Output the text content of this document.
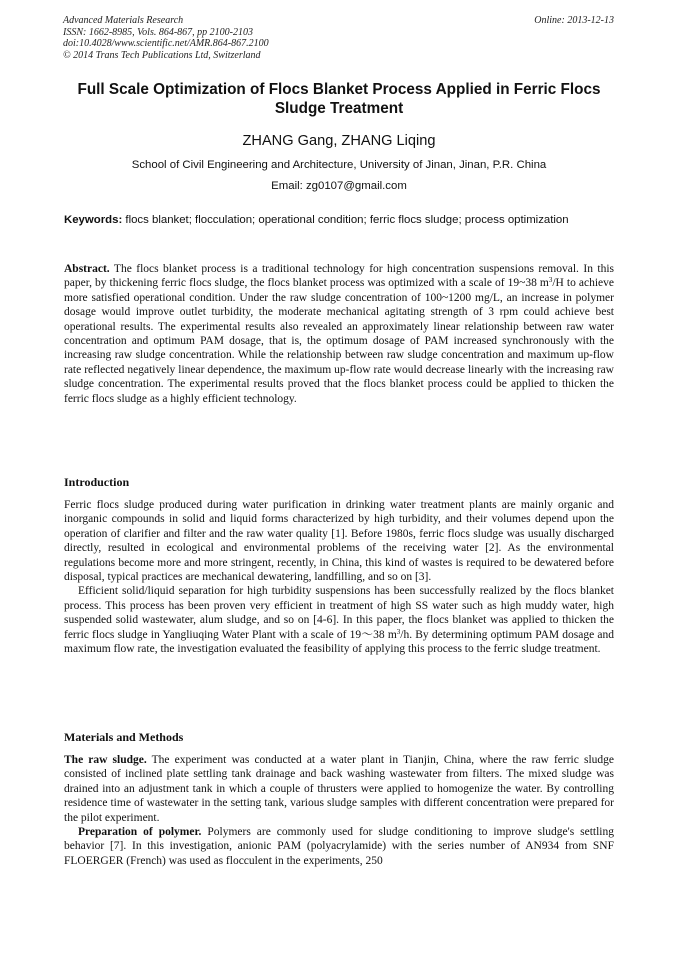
Advanced Materials Research
ISSN: 1662-8985, Vols. 864-867, pp 2100-2103
doi:10.4028/www.scientific.net/AMR.864-867.2100
© 2014 Trans Tech Publications Ltd, Switzerland
Online: 2013-12-13
Full Scale Optimization of Flocs Blanket Process Applied in Ferric Flocs
Sludge Treatment
ZHANG Gang, ZHANG Liqing
School of Civil Engineering and Architecture, University of Jinan, Jinan, P.R. China
Email: zg0107@gmail.com
Keywords: flocs blanket; flocculation; operational condition; ferric flocs sludge; process optimization

Abstract. The flocs blanket process is a traditional technology for high concentration suspensions removal. In this paper, by thickening ferric flocs sludge, the flocs blanket process was optimized with a scale of 19~38 $m^3/H$ to achieve more satisfied operational condition. Under the raw sludge concentration of 100~1200 mg/L, an increase in polymer dosage would improve outlet turbidity, the moderate mechanical agitating strength of 3 rpm could achieve best operational results. The experimental results also revealed an approximately linear relationship between raw water concentration and optimum PAM dosage, that is, the optimum dosage of PAM increased synchronously with the increasing raw sludge concentration. While the relationship between raw sludge concentration and maximum up-flow rate reflected negatively linear dependence, the maximum up-flow rate would decrease linearly with the increasing raw sludge concentration. The experimental results proved that the flocs blanket process could be applied to thicken the ferric flocs sludge as a highly efficient technology.

Introduction

Ferric flocs sludge produced during water purification in drinking water treatment plants are mainly organic and inorganic compounds in solid and liquid forms characterized by high turbidity, and their volumes depend upon the operation of clarifier and filter and the raw water quality [1]. Before 1980s, ferric flocs sludge was usually discharged directly, resulted in ecological and environmental problems of the receiving water [2]. As the environmental regulations become more and more stringent, recently, in China, this kind of wastes is required to be dewatered before disposal, typical practices are mechanical dewatering, landfilling, and so on [3].

Efficient solid/liquid separation for high turbidity suspensions has been successfully realized by the flocs blanket process. This process has been proven very efficient in treatment of high SS water such as high muddy water, high suspended solid wastewater, alum sludge, and so on [4-6]. In this paper, the flocs blanket was applied to thicken the ferric flocs sludge in Yangliuqing Water Plant with a scale of 19～38 $m^3/h$. By determining optimum PAM dosage and maximum flow rate, the investigation evaluated the feasibility of applying this process to the ferric sludge treatment.

Materials and Methods

The raw sludge. The experiment was conducted at a water plant in Tianjin, China, where the raw ferric sludge consisted of inclined plate settling tank drainage and back washing wastewater from filters. The mixed sludge was drained into an adjustment tank in which a couple of thrusters were applied to homogenize the water. By controlling residence time of wastewater in the setting tank, various sludge samples with different concentration were prepared for the pilot experiment.

Preparation of polymer. Polymers are commonly used for sludge conditioning to improve sludge's settling behavior [7]. In this investigation, anionic PAM (polyacrylamide) with the series number of AN934 from SNF FLOERGER (French) was used as flocculent in the experiments, 250
